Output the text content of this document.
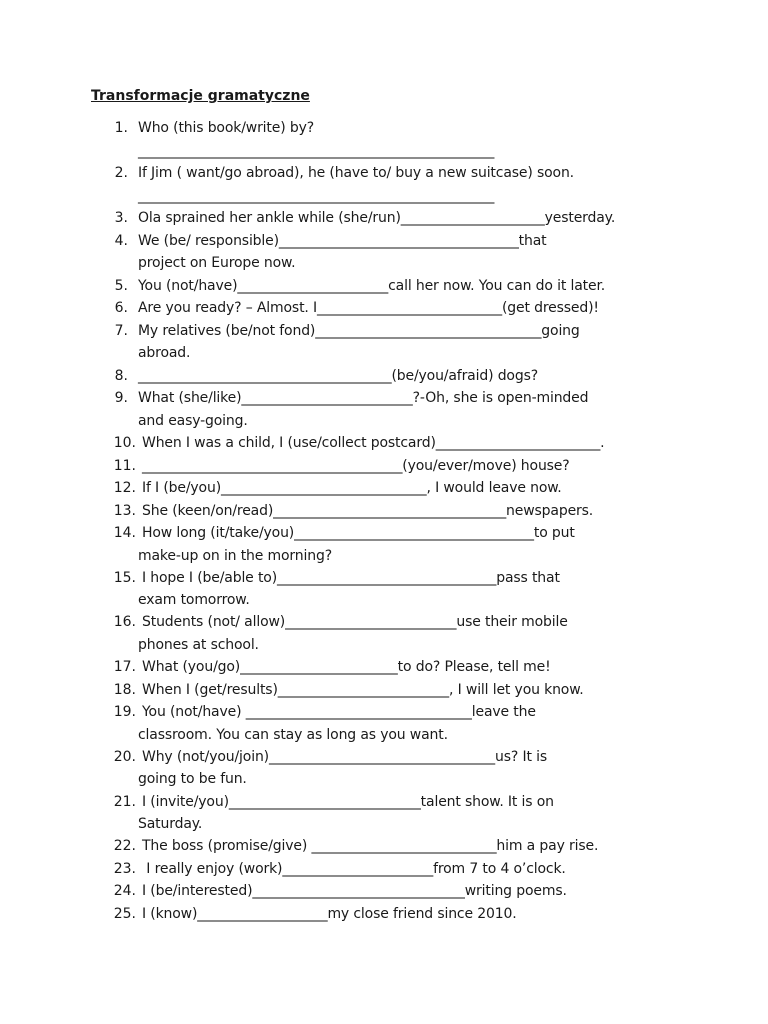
Transformacje gramatyczne
1. Who (this book/write) by?
____________________________________________________
2. If Jim ( want/go abroad), he (have to/ buy a new suitcase) soon.
____________________________________________________
3. Ola sprained her ankle while (she/run)_____________________yesterday.
4. We (be/ responsible)___________________________________that
project on Europe now.
5. You (not/have)______________________call her now. You can do it later.
6. Are you ready? – Almost. I___________________________(get dressed)!
7. My relatives (be/not fond)_________________________________going
abroad.
8. _____________________________________(be/you/afraid) dogs?
9. What (she/like)_________________________?-Oh, she is open-minded
and easy-going.
10. When I was a child, I (use/collect postcard)________________________.
11. ______________________________________(you/ever/move) house?
12. If I (be/you)______________________________, I would leave now.
13. She (keen/on/read)__________________________________newspapers.
14. How long (it/take/you)___________________________________to put
make-up on in the morning?
15. I hope I (be/able to)________________________________pass that
exam tomorrow.
16. Students (not/ allow)_________________________use their mobile
phones at school.
17. What (you/go)_______________________to do? Please, tell me!
18. When I (get/results)_________________________, I will let you know.
19. You (not/have) _________________________________leave the
classroom. You can stay as long as you want.
20. Why (not/you/join)_________________________________us? It is
going to be fun.
21. I (invite/you)____________________________talent show. It is on
Saturday.
22. The boss (promise/give) ___________________________him a pay rise.
23. I really enjoy (work)______________________from 7 to 4 o’clock.
24. I (be/interested)_______________________________writing poems.
25. I (know)___________________my close friend since 2010.
